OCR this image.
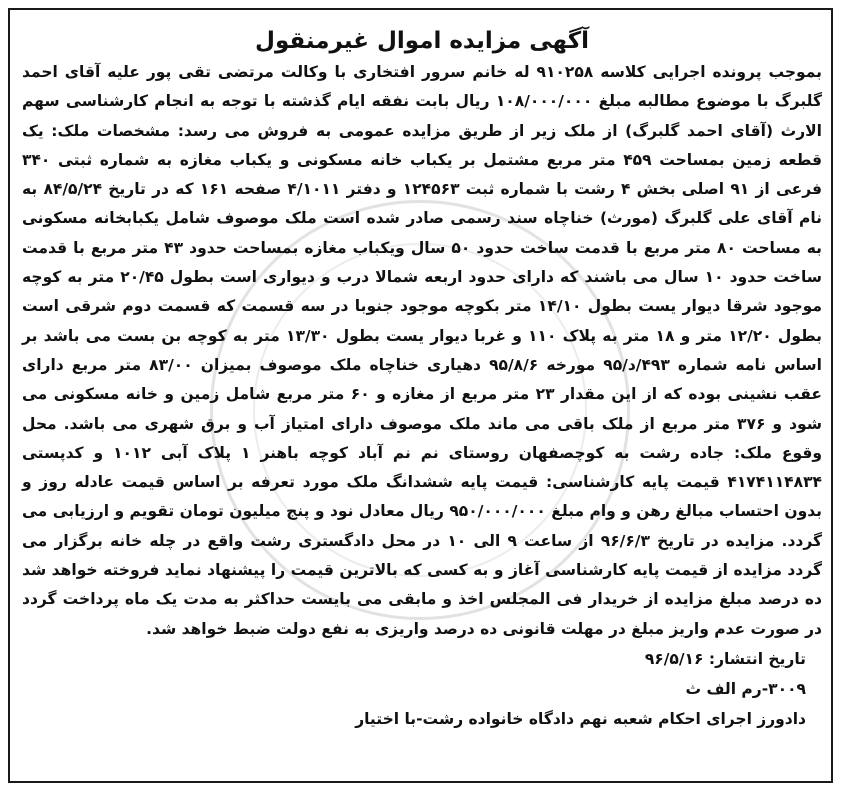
آگهی مزایده اموال غیرمنقول

بموجب پرونده اجرایی کلاسه ۹۱۰۲۵۸ له خانم سرور افتخاری با وکالت مرتضی تقی پور علیه آقای احمد گلبرگ با موضوع مطالبه مبلغ ۱۰۸/۰۰۰/۰۰۰ ریال بابت نفقه ایام گذشته با توجه به انجام کارشناسی سهم الارث (آقای احمد گلبرگ) از ملک زیر از طریق مزایده عمومی به فروش می رسد: مشخصات ملک: یک قطعه زمین بمساحت ۴۵۹ متر مربع مشتمل بر یکباب خانه مسکونی و یکباب مغازه به شماره ثبتی ۳۴۰ فرعی از ۹۱ اصلی بخش ۴ رشت با شماره ثبت ۱۲۴۵۶۳ و دفتر ۴/۱۰۱۱ صفحه ۱۶۱ که در تاریخ ۸۴/۵/۲۴ به نام آقای علی گلبرگ (مورث) خناچاه سند رسمی صادر شده است ملک موصوف شامل یکبابخانه مسکونی به مساحت ۸۰ متر مربع با قدمت ساخت حدود ۵۰ سال ویکباب مغازه بمساحت حدود ۴۳ متر مربع با قدمت ساخت حدود ۱۰ سال می باشند که دارای حدود اربعه شمالا درب و دیواری است بطول ۲۰/۴۵ متر به کوچه موجود شرقا دیوار یست بطول ۱۴/۱۰ متر بکوچه موجود جنوبا در سه قسمت که قسمت دوم شرقی است بطول ۱۲/۲۰ متر و ۱۸ متر به پلاک ۱۱۰ و غربا دیوار یست بطول ۱۳/۳۰ متر به کوچه بن بست می باشد بر اساس نامه شماره ۴۹۳/د/۹۵ مورخه ۹۵/۸/۶ دهیاری خناچاه ملک موصوف بمیزان ۸۳/۰۰ متر مربع دارای عقب نشینی بوده که از این مقدار ۲۳ متر مربع از مغازه و ۶۰ متر مربع شامل زمین و خانه مسکونی می شود و ۳۷۶ متر مربع از ملک باقی می ماند ملک موصوف دارای امتیاز آب و برق شهری می باشد. محل وقوع ملک: جاده رشت به کوچصفهان روستای نم نم آباد کوچه باهنر ۱ پلاک آبی ۱۰۱۲ و کدپستی ۴۱۷۴۱۱۴۸۳۴ قیمت پایه کارشناسی: قیمت پایه ششدانگ ملک مورد تعرفه بر اساس قیمت عادله روز و بدون احتساب مبالغ رهن و وام مبلغ ۹۵۰/۰۰۰/۰۰۰ ریال معادل نود و پنج میلیون تومان تقویم و ارزیابی می گردد. مزایده در تاریخ ۹۶/۶/۳ از ساعت ۹ الی ۱۰ در محل دادگستری رشت واقع در چله خانه برگزار می گردد مزایده از قیمت پایه کارشناسی آغاز و به کسی که بالاترین قیمت را پیشنهاد نماید فروخته خواهد شد ده درصد مبلغ مزایده از خریدار فی المجلس اخذ و مابقی می بایست حداکثر به مدت یک ماه پرداخت گردد در صورت عدم واریز مبلغ در مهلت قانونی ده درصد واریزی به نفع دولت ضبط خواهد شد.

تاریخ انتشار: ۹۶/۵/۱۶
۳۰۰۹-رم الف ث
دادورز اجرای احکام شعبه نهم دادگاه خانواده رشت-با اختیار
